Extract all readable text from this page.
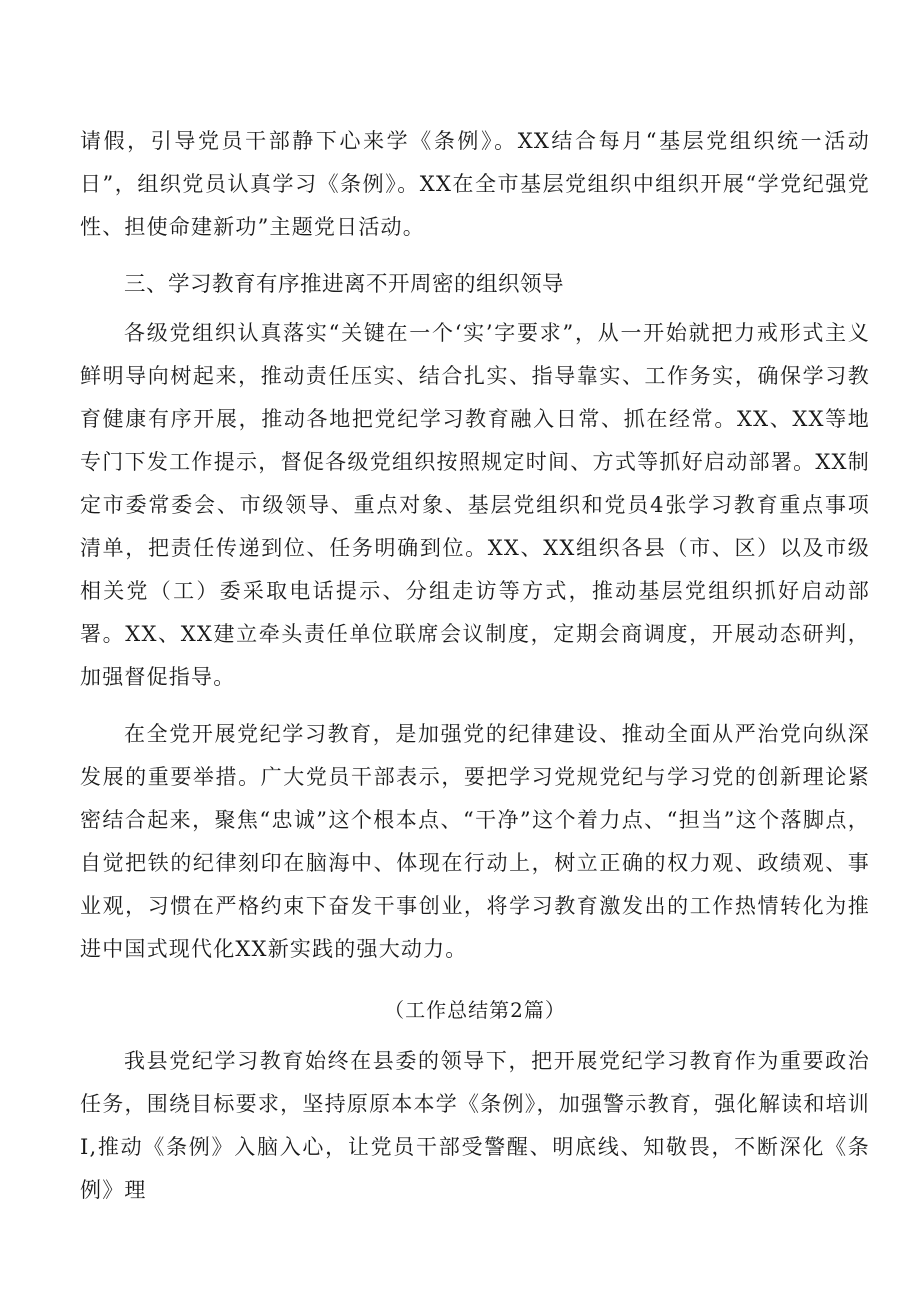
请假，引导党员干部静下心来学《条例》。XX结合每月“基层党组织统一活动日”，组织党员认真学习《条例》。XX在全市基层党组织中组织开展“学党纪强党性、担使命建新功”主题党日活动。

三、学习教育有序推进离不开周密的组织领导

各级党组织认真落实“关键在一个‘实’字要求”，从一开始就把力戒形式主义鲜明导向树起来，推动责任压实、结合扎实、指导靠实、工作务实，确保学习教育健康有序开展，推动各地把党纪学习教育融入日常、抓在经常。XX、XX等地专门下发工作提示，督促各级党组织按照规定时间、方式等抓好启动部署。XX制定市委常委会、市级领导、重点对象、基层党组织和党员4张学习教育重点事项清单，把责任传递到位、任务明确到位。XX、XX组织各县（市、区）以及市级相关党（工）委采取电话提示、分组走访等方式，推动基层党组织抓好启动部署。XX、XX建立牵头责任单位联席会议制度，定期会商调度，开展动态研判，加强督促指导。

在全党开展党纪学习教育，是加强党的纪律建设、推动全面从严治党向纵深发展的重要举措。广大党员干部表示，要把学习党规党纪与学习党的创新理论紧密结合起来，聚焦“忠诚”这个根本点、“干净”这个着力点、“担当”这个落脚点，自觉把铁的纪律刻印在脑海中、体现在行动上，树立正确的权力观、政绩观、事业观，习惯在严格约束下奋发干事创业，将学习教育激发出的工作热情转化为推进中国式现代化XX新实践的强大动力。

（工作总结第2篇）

我县党纪学习教育始终在县委的领导下，把开展党纪学习教育作为重要政治任务，围绕目标要求，坚持原原本本学《条例》，加强警示教育，强化解读和培训I,推动《条例》入脑入心，让党员干部受警醒、明底线、知敬畏，不断深化《条例》理
